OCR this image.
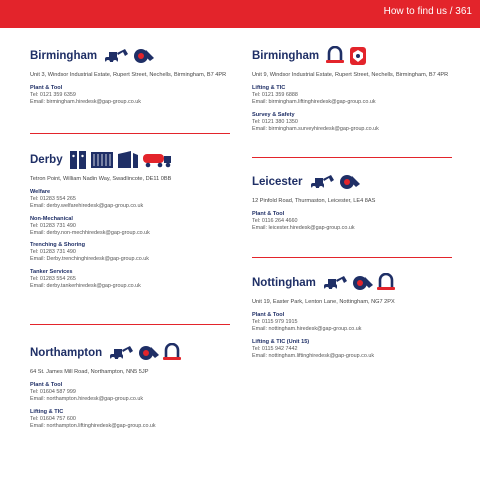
How to find us / 361
Birmingham
Unit 3, Windsor Industrial Estate, Rupert Street, Nechells, Birmingham, B7 4PR
Plant & Tool
Tel: 0121 359 6359
Email: birmingham.hiredesk@gap-group.co.uk
Derby
Tetron Point, William Nadin Way, Swadlincote, DE11 0BB
Welfare
Tel: 01283 554 265
Email: derby.welfarehiredesk@gap-group.co.uk
Non-Mechanical
Tel: 01283 731 490
Email: derby.non-mechhiredesk@gap-group.co.uk
Trenching & Shoring
Tel: 01283 731 490
Email: Derby.trenchinghiredesk@gap-group.co.uk
Tanker Services
Tel: 01283 554 265
Email: derby.tankerhiredesk@gap-group.co.uk
Northampton
64 St. James Mill Road, Northampton, NN5 5JP
Plant & Tool
Tel: 01604 587 999
Email: northampton.hiredesk@gap-group.co.uk
Lifting & TIC
Tel: 01604 757 600
Email: northampton.liftinghiredesk@gap-group.co.uk
Birmingham
Unit 9, Windsor Industrial Estate, Rupert Street, Nechells, Birmingham, B7 4PR
Lifting & TIC
Tel: 0121 359 6888
Email: birmingham.liftinghiredesk@gap-group.co.uk
Survey & Safety
Tel: 0121 380 1350
Email: birmingham.surveyhiredesk@gap-group.co.uk
Leicester
12 Pinfold Road, Thurmaston, Leicester, LE4 8AS
Plant & Tool
Tel: 0116 264 4660
Email: leicester.hiredesk@gap-group.co.uk
Nottingham
Unit 19, Easter Park, Lenton Lane, Nottingham, NG7 2PX
Plant & Tool
Tel: 0115 979 1915
Email: nottingham.hiredesk@gap-group.co.uk
Lifting & TIC (Unit 15)
Tel: 0115 942 7442
Email: nottingham.liftinghiredesk@gap-group.co.uk
